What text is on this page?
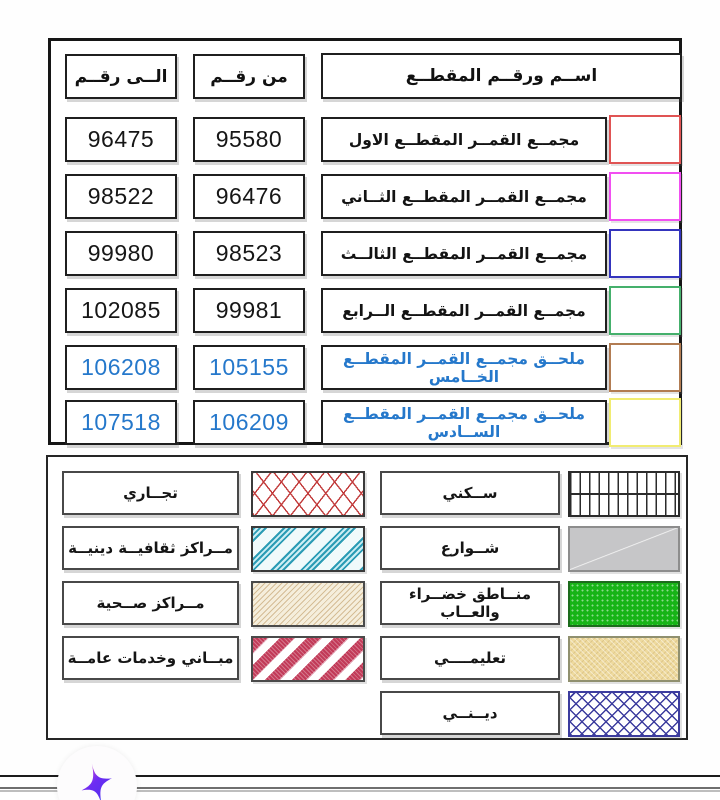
الــى رقــم	من رقــم	اســم ورقــم المقطــع
96475	95580	مجمــع القمــر المقطــع الاول
98522	96476	مجمــع القمــر المقطــع الثــاني
99980	98523	مجمــع القمــر المقطــع الثالــث
102085	99981	مجمــع القمــر المقطــع الــرابع
106208	105155	ملحــق مجمــع القمــر المقطــع الخــامس
107518	106209	ملحــق مجمــع القمــر المقطــع الســادس
ســكني
شــوارع
منــاطق خضــراء والعــاب
تعليمــــي
ديــنــي
تجــاري
مــراكز ثقافيــة دينيــة
مــراكز صــحية
مبــاني وخدمات عامــة
